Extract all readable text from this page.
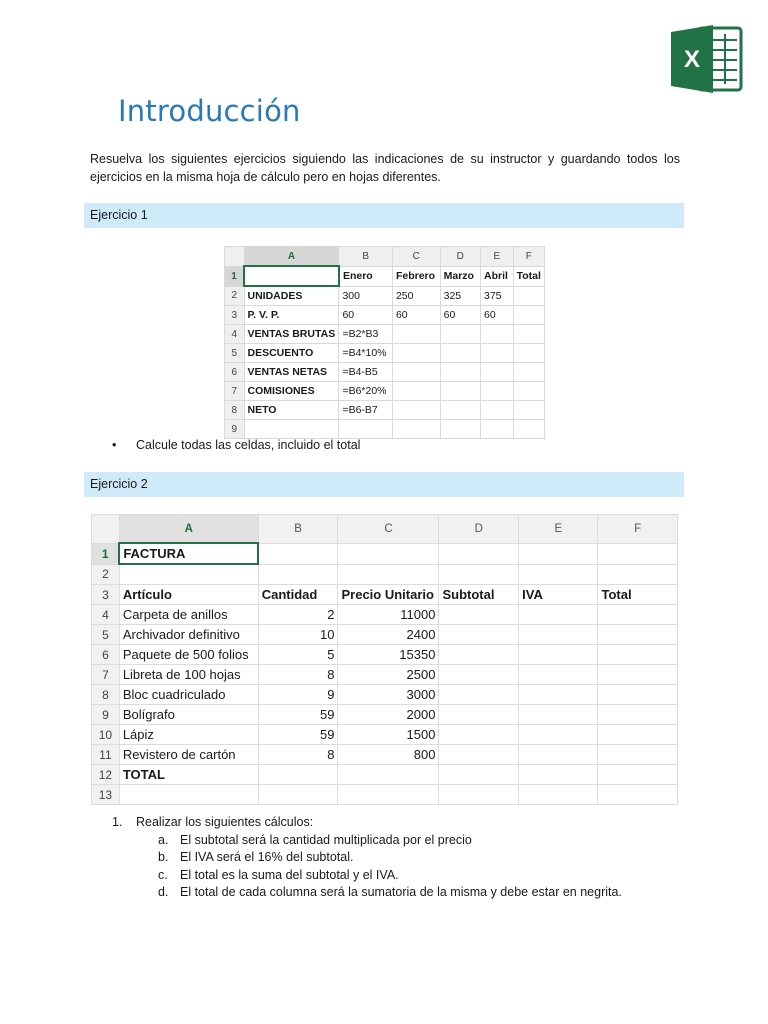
X
Introducción

Resuelva los siguientes ejercicios siguiendo las indicaciones de su instructor y guardando todos los ejercicios en la misma hoja de cálculo pero en hojas diferentes.

Ejercicio 1
	A	B	C	D	E	F
1		Enero	Febrero	Marzo	Abril	Total
2	UNIDADES	300	250	325	375	
3	P. V. P.	60	60	60	60	
4	VENTAS BRUTAS	=B2*B3				
5	DESCUENTO	=B4*10%				
6	VENTAS NETAS	=B4-B5				
7	COMISIONES	=B6*20%				
8	NETO	=B6-B7				
9						
•	Calcule todas las celdas, incluido el total
Ejercicio 2
	A	B	C	D	E	F
1	FACTURA					
2						
3	Artículo	Cantidad	Precio Unitario	Subtotal	IVA	Total
4	Carpeta de anillos	2	11000			
5	Archivador definitivo	10	2400			
6	Paquete de 500 folios	5	15350			
7	Libreta de 100 hojas	8	2500			
8	Bloc cuadriculado	9	3000			
9	Bolígrafo	59	2000			
10	Lápiz	59	1500			
11	Revistero de cartón	8	800			
12	TOTAL					
13						
1. Realizar los siguientes cálculos:
a. El subtotal será la cantidad multiplicada por el precio
b. El IVA será el 16% del subtotal.
c. El total es la suma del subtotal y el IVA.
d. El total de cada columna será la sumatoria de la misma y debe estar en negrita.
